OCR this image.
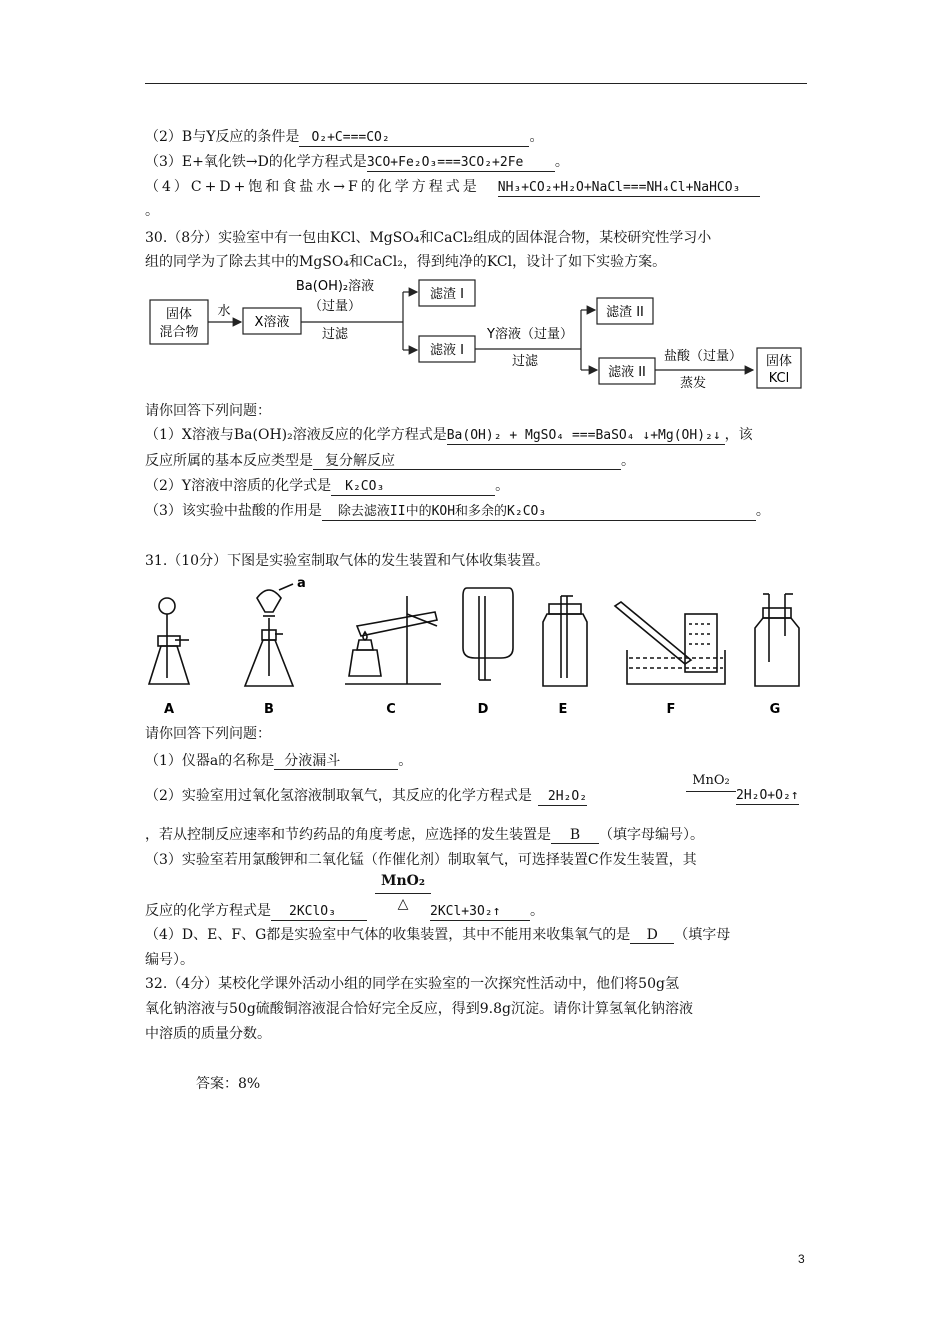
（2）B与Y反应的条件是 O₂+C===CO₂	。
（3）E+氧化铁→D的化学方程式是3CO+Fe₂O₃===3CO₂+2Fe 。
（4）C+D+饱和食盐水→F的化学方程式是 NH₃+CO₂+H₂O+NaCl===NH₄Cl+NaHCO₃
。
30.（8分）实验室中有一包由KCl、MgSO₄和CaCl₂组成的固体混合物，某校研究性学习小
组的同学为了除去其中的MgSO₄和CaCl₂，得到纯净的KCl，设计了如下实验方案。
固体
混合物
水
X溶液
Ba(OH)₂溶液
（过量）
过滤
滤渣 I
滤液 I
Y溶液（过量）
过滤
滤渣 II
滤液 II
盐酸（过量）
蒸发
固体
KCl
请你回答下列问题：
（1）X溶液与Ba(OH)₂溶液反应的化学方程式是Ba(OH)₂ + MgSO₄ ===BaSO₄ ↓+Mg(OH)₂↓ ，该
反应所属的基本反应类型是 复分解反应	。
（2）Y溶液中溶质的化学式是 K₂CO₃	。
（3）该实验中盐酸的作用是 除去滤液II中的KOH和多余的K₂CO₃	。
31.（10分）下图是实验室制取气体的发生装置和气体收集装置。
a
A	B	C	D	E	F	G
请你回答下列问题：
（1）仪器a的名称是 分液漏斗	。
（2）实验室用过氧化氢溶液制取氧气，其反应的化学方程式是 2H₂O₂
MnO₂
2H₂O+O₂↑
，若从控制反应速率和节约药品的角度考虑，应选择的发生装置是 B （填字母编号）。
（3）实验室若用氯酸钾和二氧化锰（作催化剂）制取氧气，可选择装置C作发生装置，其
反应的化学方程式是 2KClO₃
MnO₂
△	2KCl+3O₂↑ 。
（4）D、E、F、G都是实验室中气体的收集装置，其中不能用来收集氧气的是 D （填字母
编号）。
32.（4分）某校化学课外活动小组的同学在实验室的一次探究性活动中，他们将50g氢
氧化钠溶液与50g硫酸铜溶液混合恰好完全反应，得到9.8g沉淀。请你计算氢氧化钠溶液
中溶质的质量分数。
答案：8%
3
